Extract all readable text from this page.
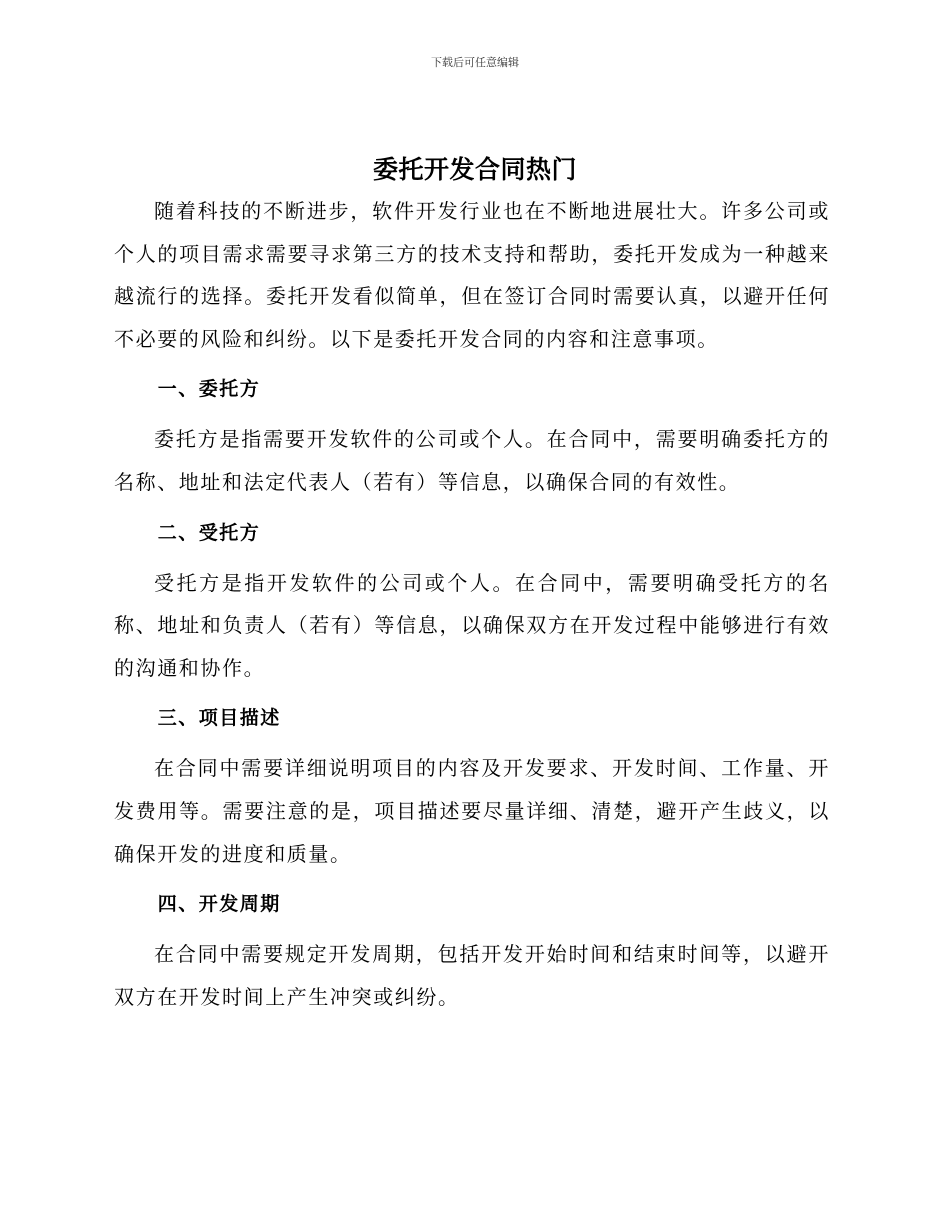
下载后可任意编辑
委托开发合同热门

随着科技的不断进步，软件开发行业也在不断地进展壮大。许多公司或个人的项目需求需要寻求第三方的技术支持和帮助，委托开发成为一种越来越流行的选择。委托开发看似简单，但在签订合同时需要认真，以避开任何不必要的风险和纠纷。以下是委托开发合同的内容和注意事项。

一、委托方

委托方是指需要开发软件的公司或个人。在合同中，需要明确委托方的名称、地址和法定代表人（若有）等信息，以确保合同的有效性。

二、受托方

受托方是指开发软件的公司或个人。在合同中，需要明确受托方的名称、地址和负责人（若有）等信息，以确保双方在开发过程中能够进行有效的沟通和协作。

三、项目描述

在合同中需要详细说明项目的内容及开发要求、开发时间、工作量、开发费用等。需要注意的是，项目描述要尽量详细、清楚，避开产生歧义，以确保开发的进度和质量。

四、开发周期

在合同中需要规定开发周期，包括开发开始时间和结束时间等，以避开双方在开发时间上产生冲突或纠纷。
